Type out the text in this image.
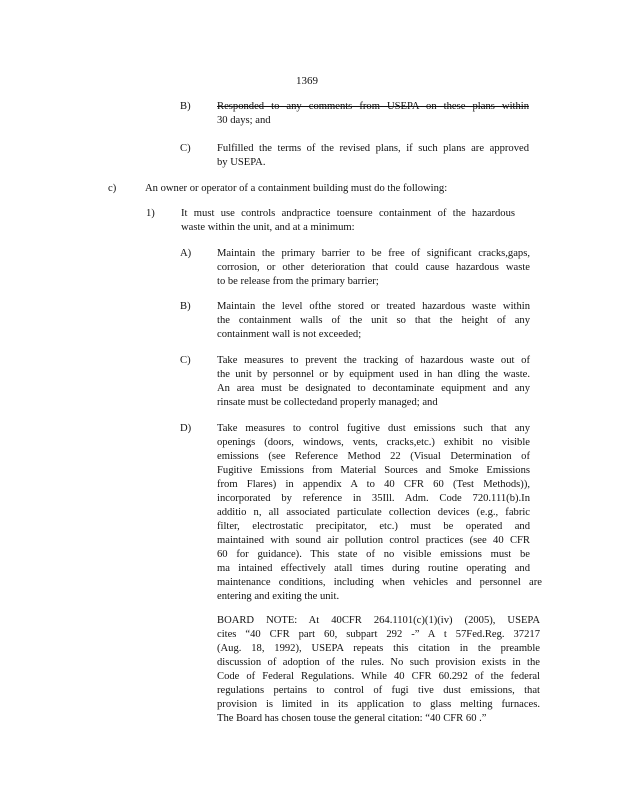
1369
B) Responded to any comments from USEPA on these plans within

30 days; and

C) Fulfilled the terms of the revised plans, if such plans are approved

by USEPA.

c)	An owner or operator of a containment building must do the following:

1) It must use controls andpractice toensure containment of the hazardous

waste within the unit, and at a minimum:

A) Maintain the primary barrier to be free of significant cracks,gaps,

corrosion, or other deterioration that could cause hazardous waste

to be release from the primary barrier;

B) Maintain the level ofthe stored or treated hazardous waste within

the containment walls of the unit so that the height of any

containment wall is not exceeded;

C) Take measures to prevent the tracking of hazardous waste out of

the unit by personnel or by equipment used in han dling the waste.

An area must be designated to decontaminate equipment and any

rinsate must be collectedand properly managed; and

D) Take measures to control fugitive dust emissions such that any

openings (doors, windows, vents, cracks,etc.) exhibit no visible

emissions (see Reference Method 22 (Visual Determination of

Fugitive Emissions from Material Sources and Smoke Emissions

from Flares) in appendix A to 40 CFR 60 (Test Methods)),

incorporated by reference in 35Ill. Adm. Code 720.111(b).In

additio n, all associated particulate collection devices (e.g., fabric

filter, electrostatic precipitator, etc.) must be operated and

maintained with sound air pollution control practices (see 40 CFR

60 for guidance). This state of no visible emissions must be

ma intained effectively atall times during routine operating and

maintenance conditions, including when vehicles and personnel are

entering and exiting the unit.

BOARD NOTE: At 40CFR 264.1101(c)(1)(iv) (2005), USEPA

cites “40 CFR part 60, subpart 292 -” A t 57Fed.Reg. 37217

(Aug. 18, 1992), USEPA repeats this citation in the preamble

discussion of adoption of the rules. No such provision exists in the

Code of Federal Regulations. While 40 CFR 60.292 of the federal

regulations pertains to control of fugi tive dust emissions, that

provision is limited in its application to glass melting furnaces.

The Board has chosen touse the general citation: “40 CFR 60 .”
